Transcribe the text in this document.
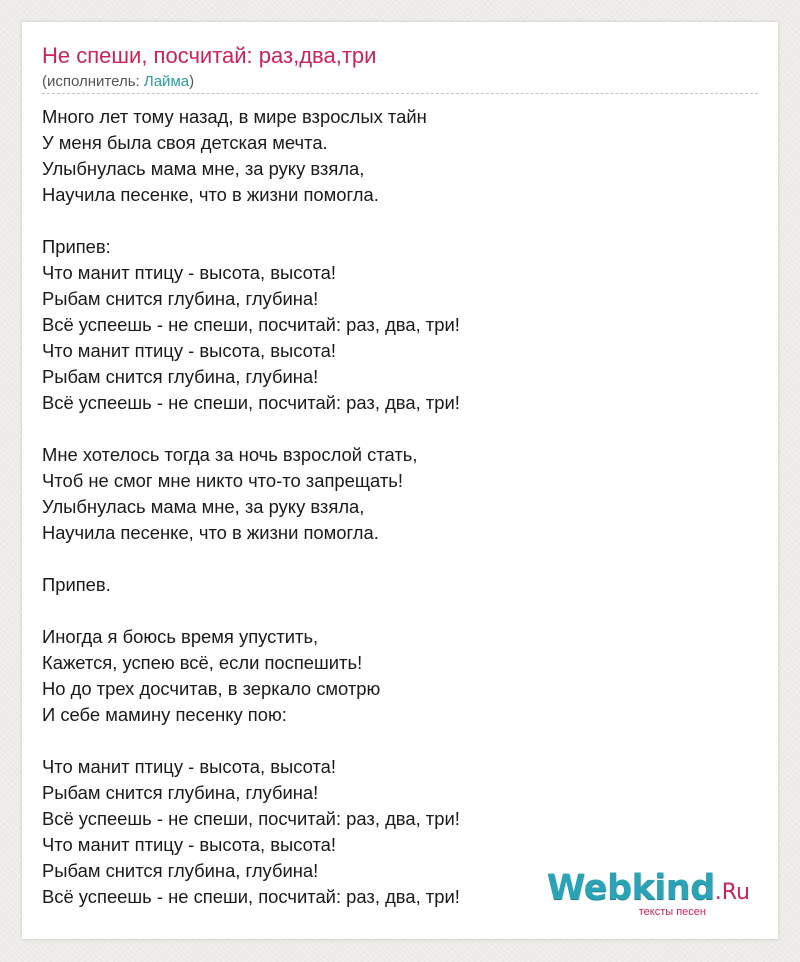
Не спеши, посчитай: раз,два,три
(исполнитель: Лайма)
Много лет тому назад, в мире взрослых тайн
У меня была своя детская мечта.
Улыбнулась мама мне, за руку взяла,
Научила песенке, что в жизни помогла.
Припев:
Что манит птицу - высота, высота!
Рыбам снится глубина, глубина!
Всё успеешь - не спеши, посчитай: раз, два, три!
Что манит птицу - высота, высота!
Рыбам снится глубина, глубина!
Всё успеешь - не спеши, посчитай: раз, два, три!
Мне хотелось тогда за ночь взрослой стать,
Чтоб не смог мне никто что-то запрещать!
Улыбнулась мама мне, за руку взяла,
Научила песенке, что в жизни помогла.
Припев.
Иногда я боюсь время упустить,
Кажется, успею всё, если поспешить!
Но до трех досчитав, в зеркало смотрю
И себе мамину песенку пою:
Что манит птицу - высота, высота!
Рыбам снится глубина, глубина!
Всё успеешь - не спеши, посчитай: раз, два, три!
Что манит птицу - высота, высота!
Рыбам снится глубина, глубина!
Всё успеешь - не спеши, посчитай: раз, два, три! Webkind.Ru
тексты песен
